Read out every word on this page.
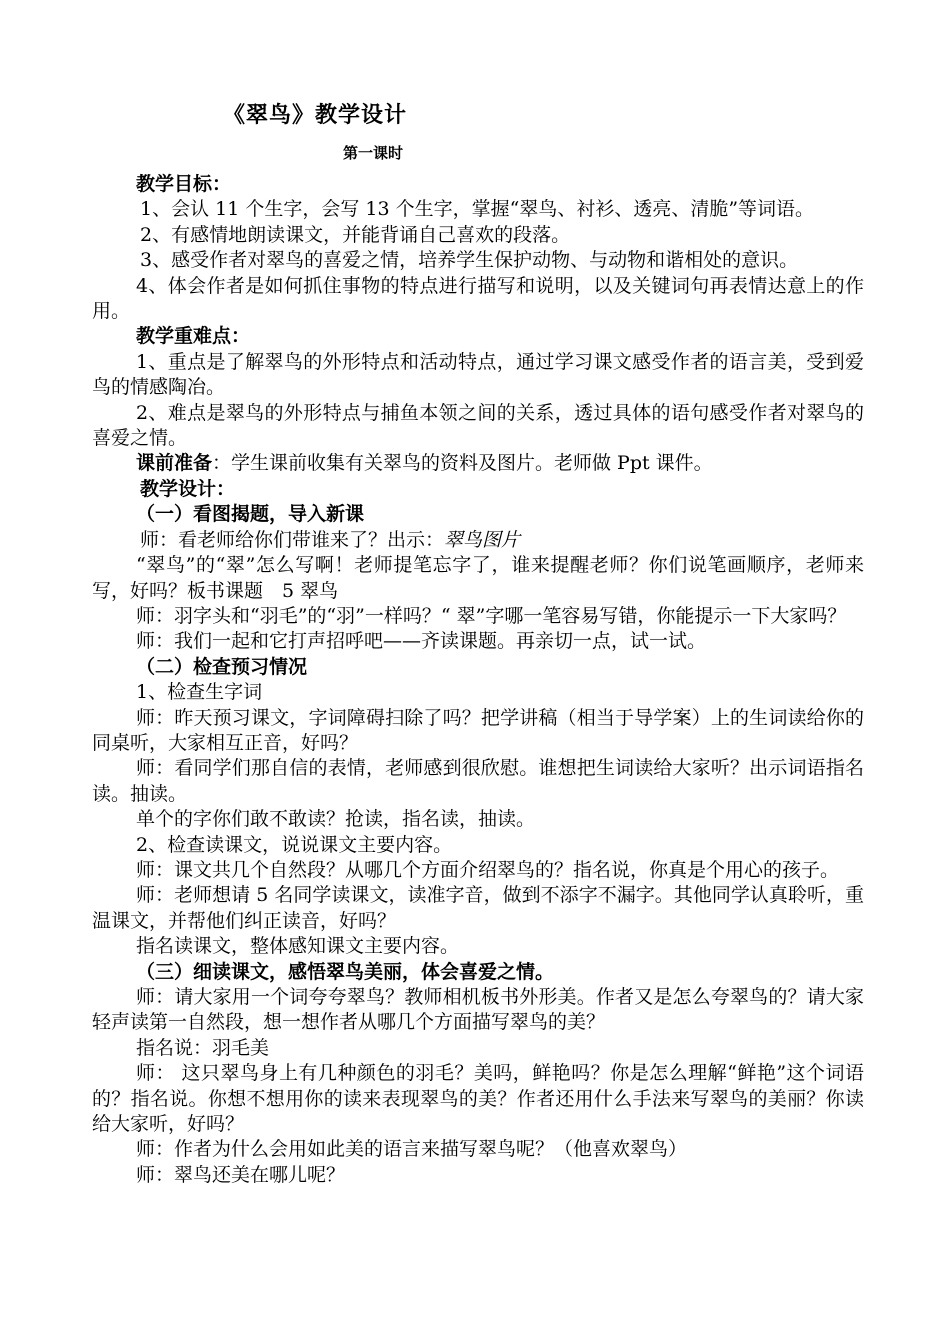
《翠鸟》教学设计
第一课时

教学目标：

1、会认 11 个生字，会写 13 个生字，掌握“翠鸟、衬衫、透亮、清脆”等词语。

2、有感情地朗读课文，并能背诵自己喜欢的段落。

3、感受作者对翠鸟的喜爱之情，培养学生保护动物、与动物和谐相处的意识。

4、体会作者是如何抓住事物的特点进行描写和说明，以及关键词句再表情达意上的作用。

教学重难点：

1、重点是了解翠鸟的外形特点和活动特点，通过学习课文感受作者的语言美，受到爱鸟的情感陶冶。

2、难点是翠鸟的外形特点与捕鱼本领之间的关系，透过具体的语句感受作者对翠鸟的喜爱之情。

课前准备：学生课前收集有关翠鸟的资料及图片。老师做 Ppt 课件。

教学设计：

（一）看图揭题，导入新课

师：看老师给你们带谁来了？出示：翠鸟图片

“翠鸟”的“翠”怎么写啊！老师提笔忘字了，谁来提醒老师？你们说笔画顺序，老师来写，好吗？板书课题　5 翠鸟

师：羽字头和“羽毛”的“羽”一样吗？“ 翠”字哪一笔容易写错，你能提示一下大家吗？

师：我们一起和它打声招呼吧——齐读课题。再亲切一点，试一试。

（二）检查预习情况

1、检查生字词

师：昨天预习课文，字词障碍扫除了吗？把学讲稿（相当于导学案）上的生词读给你的同桌听，大家相互正音，好吗？

师：看同学们那自信的表情，老师感到很欣慰。谁想把生词读给大家听？出示词语指名读。抽读。

单个的字你们敢不敢读？抢读，指名读，抽读。

2、检查读课文，说说课文主要内容。

师：课文共几个自然段？从哪几个方面介绍翠鸟的？指名说，你真是个用心的孩子。

师：老师想请 5 名同学读课文，读准字音，做到不添字不漏字。其他同学认真聆听，重温课文，并帮他们纠正读音，好吗？

指名读课文，整体感知课文主要内容。

（三）细读课文，感悟翠鸟美丽，体会喜爱之情。

师：请大家用一个词夸夸翠鸟？教师相机板书外形美。作者又是怎么夸翠鸟的？请大家轻声读第一自然段，想一想作者从哪几个方面描写翠鸟的美？

指名说：羽毛美

师： 这只翠鸟身上有几种颜色的羽毛？美吗，鲜艳吗？你是怎么理解“鲜艳”这个词语的？指名说。你想不想用你的读来表现翠鸟的美？作者还用什么手法来写翠鸟的美丽？你读给大家听，好吗？

师：作者为什么会用如此美的语言来描写翠鸟呢？（他喜欢翠鸟）

师：翠鸟还美在哪儿呢？
